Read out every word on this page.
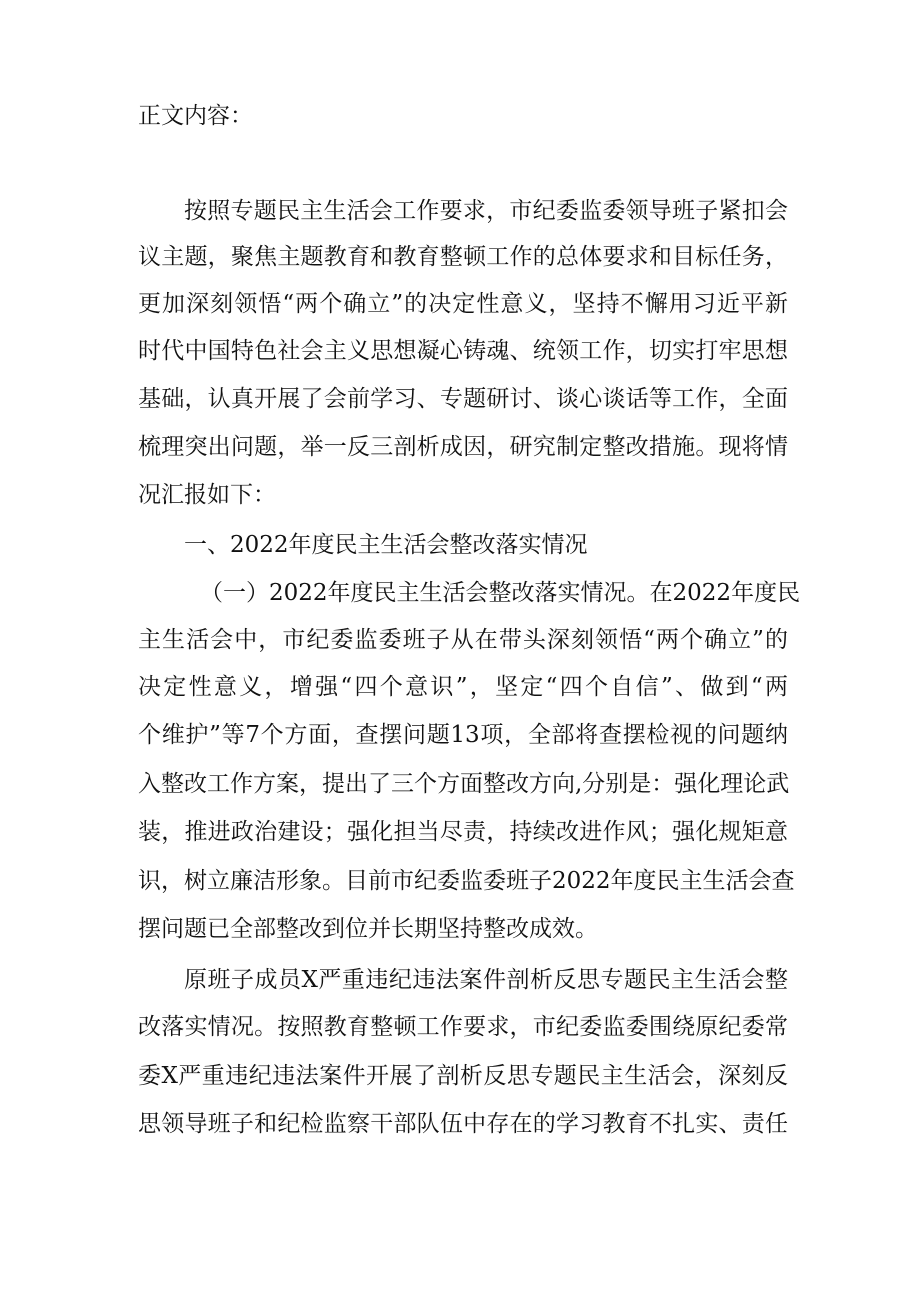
正文内容：
按照专题民主生活会工作要求，市纪委监委领导班子紧扣会
议主题，聚焦主题教育和教育整顿工作的总体要求和目标任务，
更加深刻领悟“两个确立”的决定性意义，坚持不懈用习近平新
时代中国特色社会主义思想凝心铸魂、统领工作，切实打牢思想
基础，认真开展了会前学习、专题研讨、谈心谈话等工作，全面
梳理突出问题，举一反三剖析成因，研究制定整改措施。现将情
况汇报如下：
一、2022年度民主生活会整改落实情况
（一）2022年度民主生活会整改落实情况。在2022年度民
主生活会中，市纪委监委班子从在带头深刻领悟“两个确立”的
决定性意义，增强“四个意识”，坚定“四个自信”、做到“两
个维护”等7个方面，查摆问题13项，全部将查摆检视的问题纳
入整改工作方案，提出了三个方面整改方向,分别是：强化理论武
装，推进政治建设；强化担当尽责，持续改进作风；强化规矩意
识，树立廉洁形象。目前市纪委监委班子2022年度民主生活会查
摆问题已全部整改到位并长期坚持整改成效。
原班子成员X严重违纪违法案件剖析反思专题民主生活会整
改落实情况。按照教育整顿工作要求，市纪委监委围绕原纪委常
委X严重违纪违法案件开展了剖析反思专题民主生活会，深刻反
思领导班子和纪检监察干部队伍中存在的学习教育不扎实、责任
